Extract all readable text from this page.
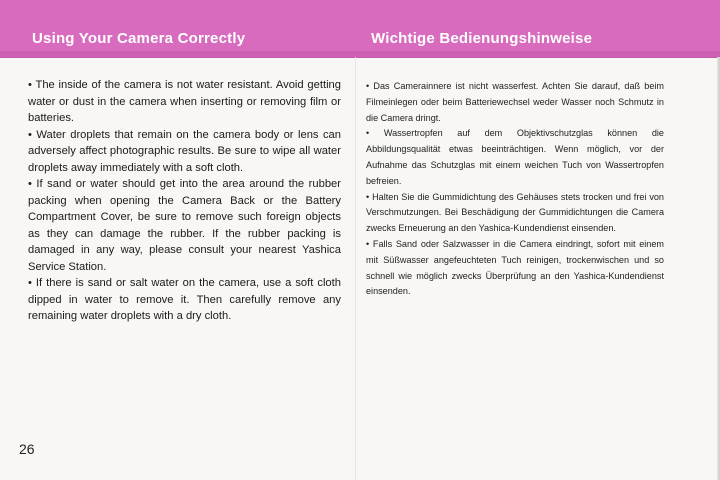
Using Your Camera Correctly	Wichtige Bedienungshinweise

• The inside of the camera is not water resistant. Avoid getting water or dust in the camera when inserting or removing film or batteries.

• Water droplets that remain on the camera body or lens can adversely affect photographic results. Be sure to wipe all water droplets away immediately with a soft cloth.

• If sand or water should get into the area around the rubber packing when opening the Camera Back or the Battery Compartment Cover, be sure to remove such foreign objects as they can damage the rubber. If the rubber packing is damaged in any way, please consult your nearest Yashica Service Station.

• If there is sand or salt water on the camera, use a soft cloth dipped in water to remove it. Then carefully remove any remaining water droplets with a dry cloth.

• Das Camerainnere ist nicht wasserfest. Achten Sie darauf, daß beim Filmeinlegen oder beim Batteriewechsel weder Wasser noch Schmutz in die Camera dringt.

• Wassertropfen auf dem Objektivschutzglas können die Abbildungsqualität etwas beeinträchtigen. Wenn möglich, vor der Aufnahme das Schutzglas mit einem weichen Tuch von Wassertropfen befreien.

• Halten Sie die Gummidichtung des Gehäuses stets trocken und frei von Verschmutzungen. Bei Beschädigung der Gummidichtungen die Camera zwecks Erneuerung an den Yashica-Kundendienst einsenden.

• Falls Sand oder Salzwasser in die Camera eindringt, sofort mit einem mit Süßwasser angefeuchteten Tuch reinigen, trockenwischen und so schnell wie möglich zwecks Überprüfung an den Yashica-Kundendienst einsenden.

26
